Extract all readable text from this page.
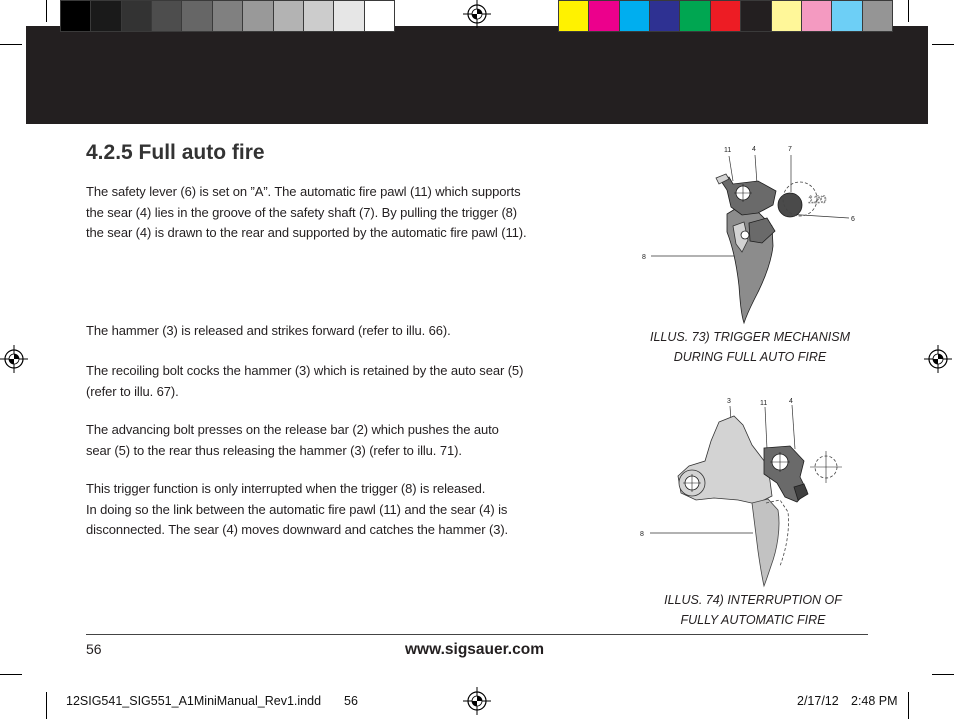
4.2.5 Full auto fire
The safety lever (6) is set on ”A”. The automatic fire pawl (11) which supports
the sear (4) lies in the groove of the safety shaft (7). By pulling the trigger (8)
the sear (4) is drawn to the rear and supported by the automatic fire pawl (11).
The hammer (3) is released and strikes forward (refer to illu. 66).
The recoiling bolt cocks the hammer (3) which is retained by the auto sear (5)
(refer to illu. 67).
The advancing bolt presses on the release bar (2) which pushes the auto
sear (5) to the rear thus releasing the hammer (3) (refer to illu. 71).
This trigger function is only interrupted when the trigger (8) is released.
In doing so the link between the automatic fire pawl (11) and the sear (4) is
disconnected. The sear (4) moves downward and catches the hammer (3).
11	4	7
6
8
120
ILLUS. 73) TRIGGER MECHANISM
DURING FULL AUTO FIRE
3	11	4
8
ILLUS. 74) INTERRUPTION OF
FULLY AUTOMATIC FIRE
56	www.sigsauer.com
12SIG541_SIG551_A1MiniManual_Rev1.indd 56	2/17/12 2:48 PM
